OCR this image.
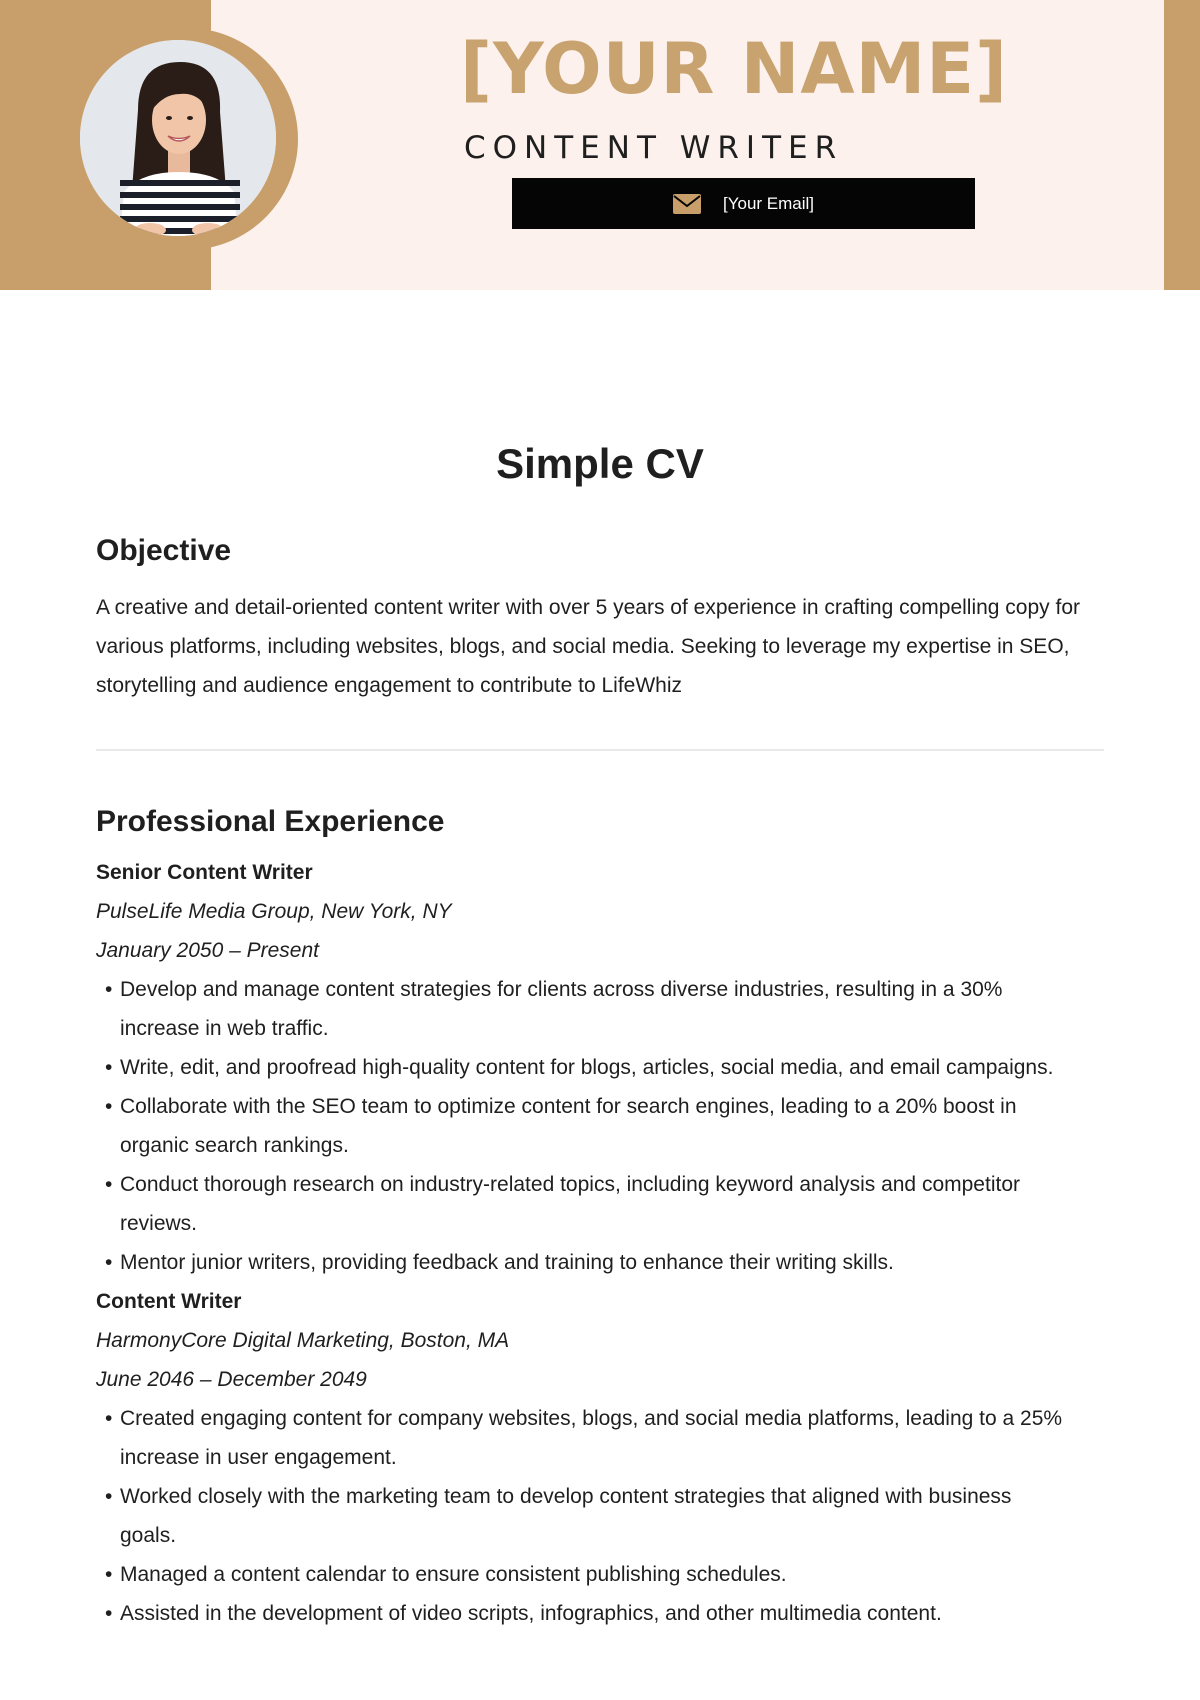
[YOUR NAME]
CONTENT WRITER
[Your Email]
Simple CV
Objective

A creative and detail-oriented content writer with over 5 years of experience in crafting compelling copy for various platforms, including websites, blogs, and social media. Seeking to leverage my expertise in SEO, storytelling and audience engagement to contribute to LifeWhiz

Professional Experience
Senior Content Writer
PulseLife Media Group, New York, NY
January 2050 – Present
• Develop and manage content strategies for clients across diverse industries, resulting in a 30% increase in web traffic.
• Write, edit, and proofread high-quality content for blogs, articles, social media, and email campaigns.
• Collaborate with the SEO team to optimize content for search engines, leading to a 20% boost in organic search rankings.
• Conduct thorough research on industry-related topics, including keyword analysis and competitor reviews.
• Mentor junior writers, providing feedback and training to enhance their writing skills.
Content Writer
HarmonyCore Digital Marketing, Boston, MA
June 2046 – December 2049
• Created engaging content for company websites, blogs, and social media platforms, leading to a 25% increase in user engagement.
• Worked closely with the marketing team to develop content strategies that aligned with business goals.
• Managed a content calendar to ensure consistent publishing schedules.
• Assisted in the development of video scripts, infographics, and other multimedia content.
